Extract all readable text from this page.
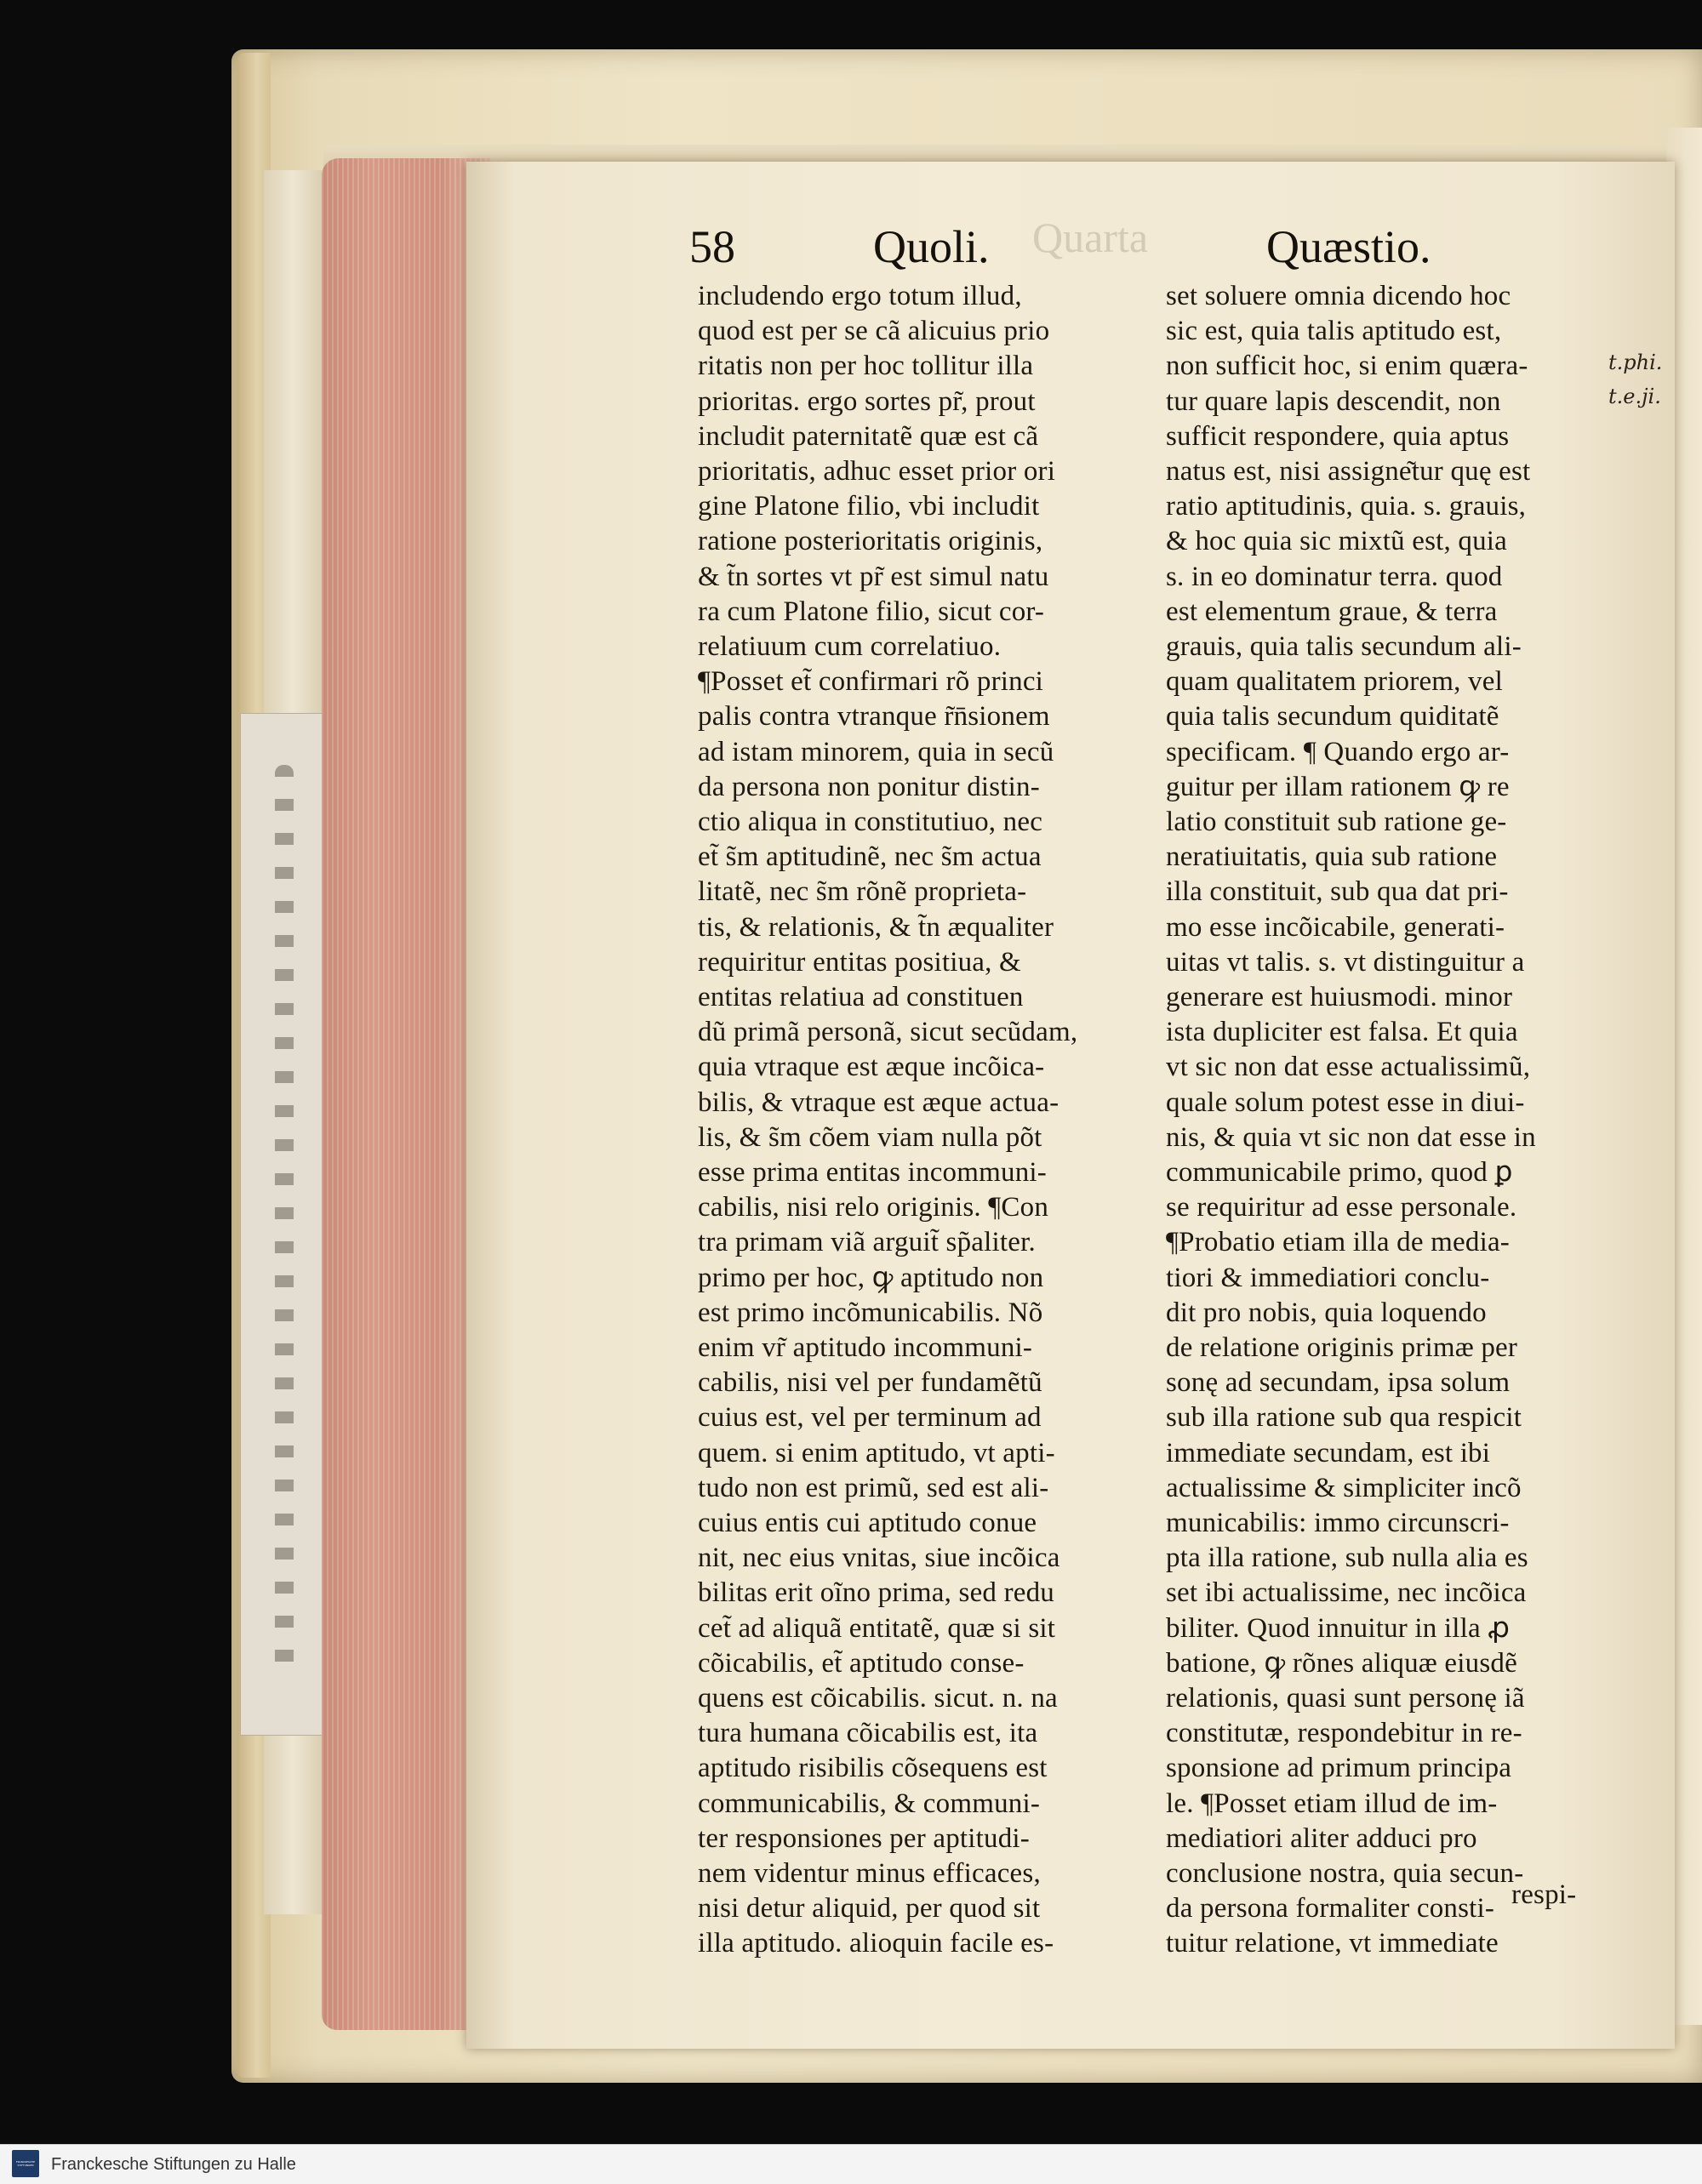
Quarta
58	Quoli.	Quæstio.
includendo ergo totum illud,
quod est per se cã alicuius prio
ritatis non per hoc tollitur illa
prioritas. ergo sortes pr̃, prout
includit paternitatẽ quæ est cã
prioritatis, adhuc esset prior ori
gine Platone filio, vbi includit
ratione posterioritatis originis,
& t̃n sortes vt pr̃ est simul natu
ra cum Platone filio, sicut cor-
relatiuum cum correlatiuo.
¶Posset et̃ confirmari rõ princi
palis contra vtranque r̃n̄sionem
ad istam minorem, quia in secũ
da persona non ponitur distin-
ctio aliqua in constitutiuo, nec
et̃ s̃m aptitudinẽ, nec s̃m actua
litatẽ, nec s̃m rõnẽ proprieta-
tis, & relationis, & t̃n æqualiter
requiritur entitas positiua, &
entitas relatiua ad constituen
dũ primã personã, sicut secũdam,
quia vtraque est æque incõica-
bilis, & vtraque est æque actua-
lis, & s̃m cõem viam nulla põt
esse prima entitas incommuni-
cabilis, nisi relo originis. ¶Con
tra primam viã arguit̃ sp̃aliter.
primo per hoc, ꝙ aptitudo non
est primo incõmunicabilis. Nõ
enim vr̃ aptitudo incommuni-
cabilis, nisi vel per fundamẽtũ
cuius est, vel per terminum ad
quem. si enim aptitudo, vt apti-
tudo non est primũ, sed est ali-
cuius entis cui aptitudo conue
nit, nec eius vnitas, siue incõica
bilitas erit oĩno prima, sed redu
cet̃ ad aliquã entitatẽ, quæ si sit
cõicabilis, et̃ aptitudo conse-
quens est cõicabilis. sicut. n. na
tura humana cõicabilis est, ita
aptitudo risibilis cõsequens est
communicabilis, & communi-
ter responsiones per aptitudi-
nem videntur minus efficaces,
nisi detur aliquid, per quod sit
illa aptitudo. alioquin facile es-
set soluere omnia dicendo hoc
sic est, quia talis aptitudo est,
non sufficit hoc, si enim quæra-
tur quare lapis descendit, non
sufficit respondere, quia aptus
natus est, nisi assigne͂tur quę est
ratio aptitudinis, quia. s. grauis,
& hoc quia sic mixtũ est, quia
s. in eo dominatur terra. quod
est elementum graue, & terra
grauis, quia talis secundum ali-
quam qualitatem priorem, vel
quia talis secundum quiditatẽ
specificam. ¶ Quando ergo ar-
guitur per illam rationem ꝙ re
latio constituit sub ratione ge-
neratiuitatis, quia sub ratione
illa constituit, sub qua dat pri-
mo esse incõicabile, generati-
uitas vt talis. s. vt distinguitur a
generare est huiusmodi. minor
ista dupliciter est falsa. Et quia
vt sic non dat esse actualissimũ,
quale solum potest esse in diui-
nis, & quia vt sic non dat esse in
communicabile primo, quod ꝑ
se requiritur ad esse personale.
¶Probatio etiam illa de media-
tiori & immediatiori conclu-
dit pro nobis, quia loquendo
de relatione originis primæ per
sonę ad secundam, ipsa solum
sub illa ratione sub qua respicit
immediate secundam, est ibi
actualissime & simpliciter incõ
municabilis: immo circunscri-
pta illa ratione, sub nulla alia es
set ibi actualissime, nec incõica
biliter. Quod innuitur in illa ꝓ
batione, ꝙ rõnes aliquæ eiusdẽ
relationis, quasi sunt personę iã
constitutæ, respondebitur in re-
sponsione ad primum principa
le. ¶Posset etiam illud de im-
mediatiori aliter adduci pro
conclusione nostra, quia secun-
da persona formaliter consti-
tuitur relatione, vt immediate
respi-
t.phi.
t.e.ji.
FRANCKESCHE STIFTUNGEN	Franckesche Stiftungen zu Halle
